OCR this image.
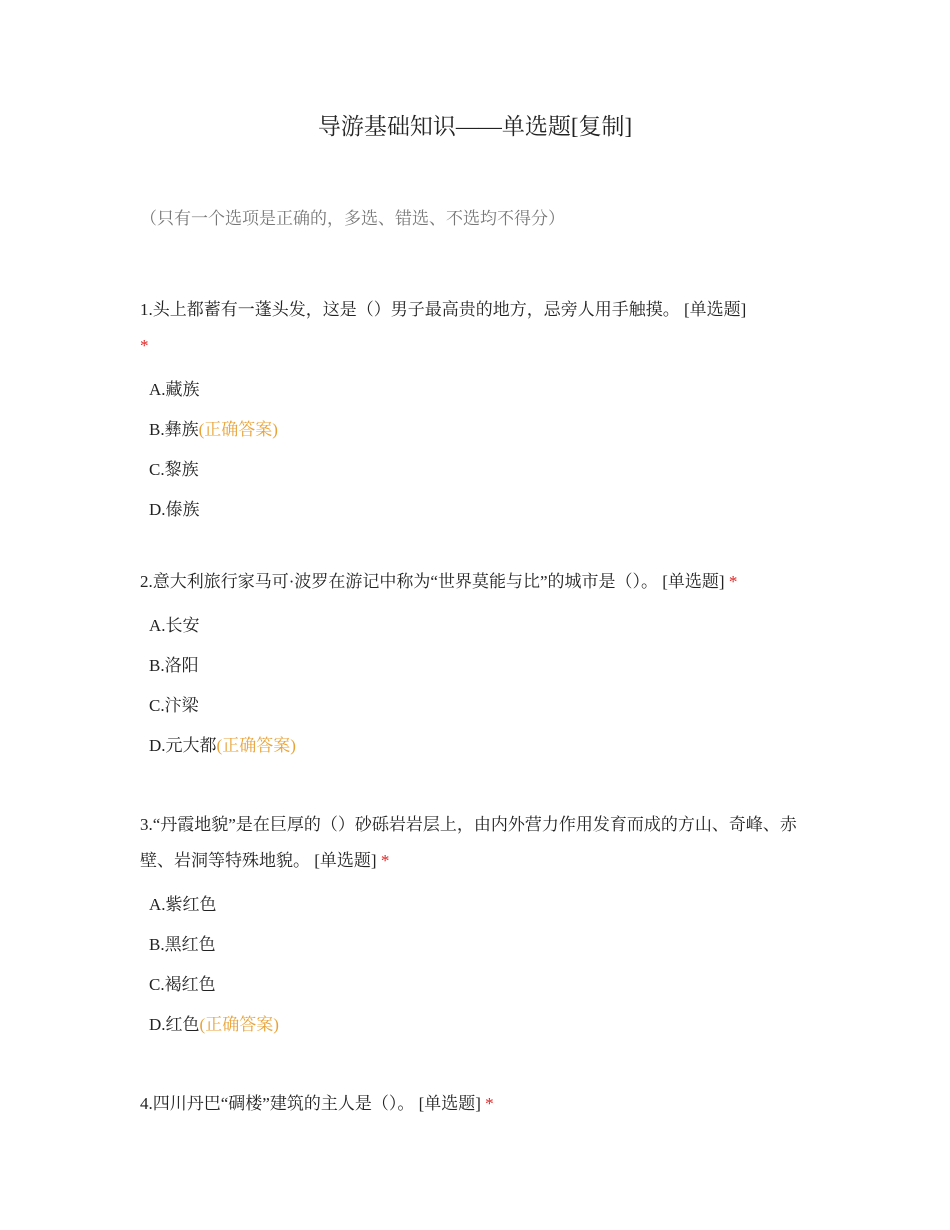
导游基础知识——单选题[复制]
（只有一个选项是正确的，多选、错选、不选均不得分）
1.头上都蓄有一蓬头发，这是（）男子最高贵的地方，忌旁人用手触摸。 [单选题]
*
A.藏族
B.彝族(正确答案)
C.黎族
D.傣族
2.意大利旅行家马可·波罗在游记中称为“世界莫能与比”的城市是（）。 [单选题] *
A.长安
B.洛阳
C.汴梁
D.元大都(正确答案)
3.“丹霞地貌”是在巨厚的（）砂砾岩岩层上，由内外营力作用发育而成的方山、奇峰、赤壁、岩洞等特殊地貌。 [单选题] *
A.紫红色
B.黑红色
C.褐红色
D.红色(正确答案)
4.四川丹巴“碉楼”建筑的主人是（）。 [单选题] *
